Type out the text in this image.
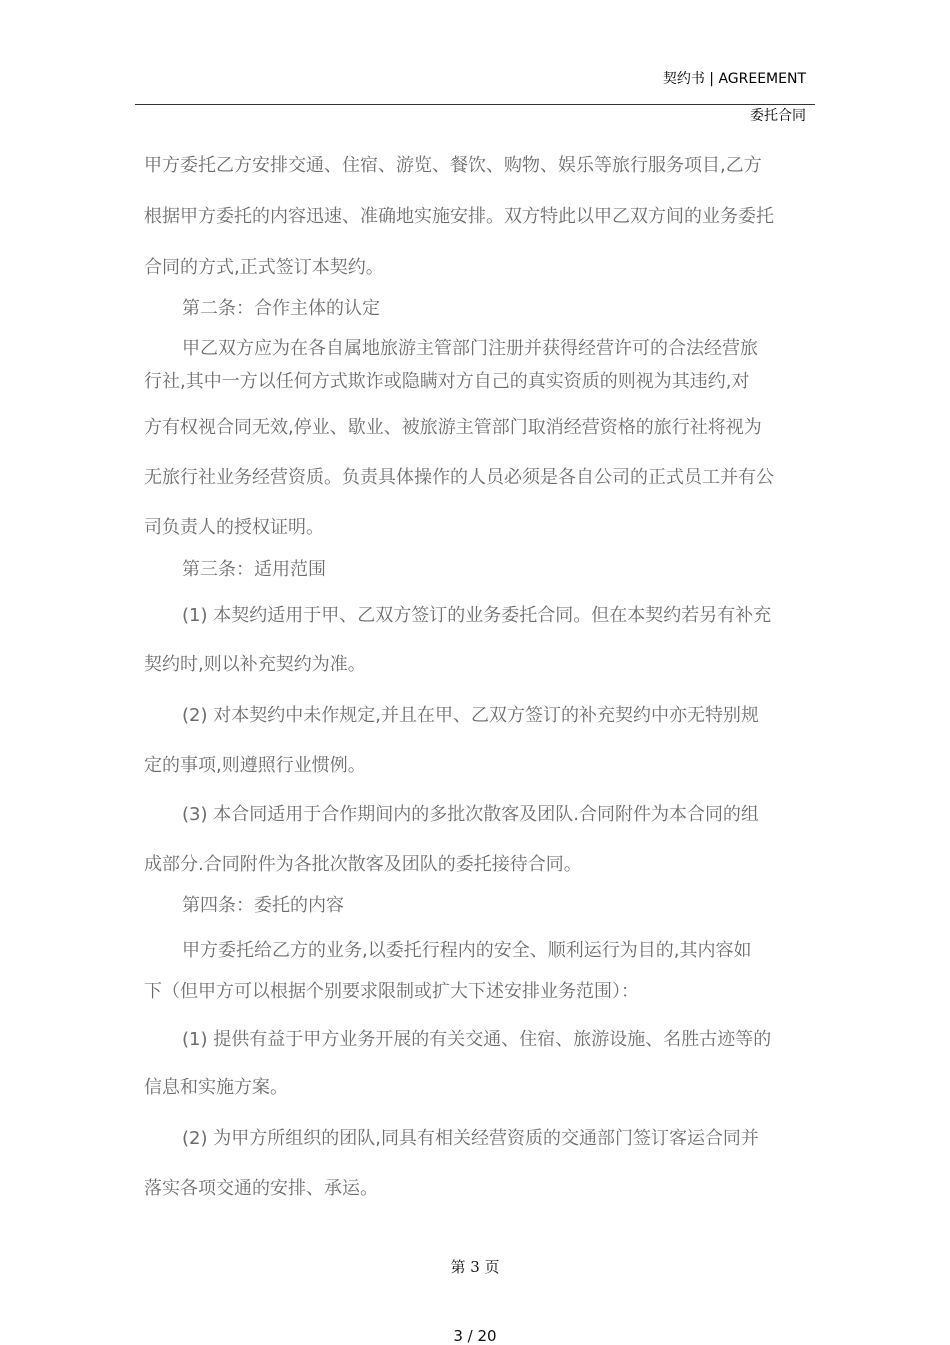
契约书 | AGREEMENT
委托合同
甲方委托乙方安排交通、住宿、游览、餐饮、购物、娱乐等旅行服务项目,乙方
根据甲方委托的内容迅速、准确地实施安排。双方特此以甲乙双方间的业务委托
合同的方式,正式签订本契约。
第二条：合作主体的认定
甲乙双方应为在各自属地旅游主管部门注册并获得经营许可的合法经营旅
行社,其中一方以任何方式欺诈或隐瞒对方自己的真实资质的则视为其违约,对
方有权视合同无效,停业、歇业、被旅游主管部门取消经营资格的旅行社将视为
无旅行社业务经营资质。负责具体操作的人员必须是各自公司的正式员工并有公
司负责人的授权证明。
第三条：适用范围
(1) 本契约适用于甲、乙双方签订的业务委托合同。但在本契约若另有补充
契约时,则以补充契约为准。
(2) 对本契约中未作规定,并且在甲、乙双方签订的补充契约中亦无特别规
定的事项,则遵照行业惯例。
(3) 本合同适用于合作期间内的多批次散客及团队.合同附件为本合同的组
成部分.合同附件为各批次散客及团队的委托接待合同。
第四条：委托的内容
甲方委托给乙方的业务,以委托行程内的安全、顺利运行为目的,其内容如
下（但甲方可以根据个别要求限制或扩大下述安排业务范围）：
(1) 提供有益于甲方业务开展的有关交通、住宿、旅游设施、名胜古迹等的
信息和实施方案。
(2) 为甲方所组织的团队,同具有相关经营资质的交通部门签订客运合同并
落实各项交通的安排、承运。
第 3 页
3 / 20
